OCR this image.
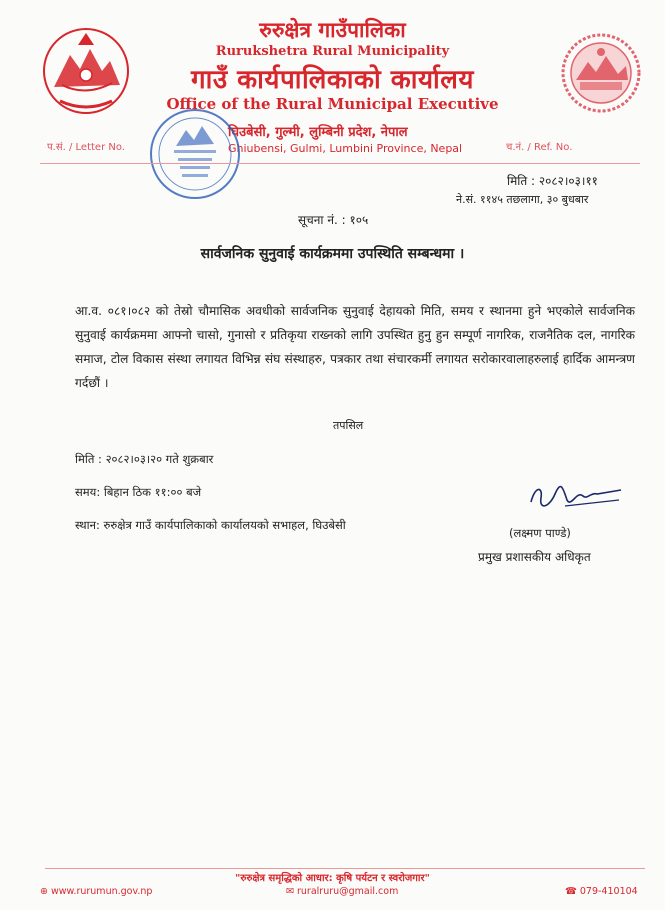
रुरुक्षेत्र गाउँपालिका
Rurukshetra Rural Municipality
गाउँ कार्यपालिकाको कार्यालय
Office of the Rural Municipal Executive
प.सं. / Letter No.	च.नं. / Ref. No.
घिउबेसी, गुल्मी, लुम्बिनी प्रदेश, नेपाल
Ghiubensi, Gulmi, Lumbini Province, Nepal
मिति : २०८२।०३।११
ने.सं. ११४५ तछलागा, ३० बुधबार
सूचना नं. : १०५
सार्वजनिक सुनुवाई कार्यक्रममा उपस्थिति सम्बन्धमा ।
आ.व. ०८१।०८२ को तेस्रो चौमासिक अवधीको सार्वजनिक सुनुवाई देहायको मिति, समय र स्थानमा हुने भएकोले सार्वजनिक सुनुवाई कार्यक्रममा आफ्नो चासो, गुनासो र प्रतिकृया राख्नको लागि उपस्थित हुनु हुन सम्पूर्ण नागरिक, राजनैतिक दल, नागरिक समाज, टोल विकास संस्था लगायत विभिन्न संघ संस्थाहरु, पत्रकार तथा संचारकर्मी लगायत सरोकारवालाहरुलाई हार्दिक आमन्त्रण गर्दछौं ।
तपसिल
मिति : २०८२।०३।२० गते शुक्रबार
समय: बिहान ठिक ११:०० बजे
स्थान: रुरुक्षेत्र गाउँ कार्यपालिकाको कार्यालयको सभाहल, घिउबेसी
(लक्ष्मण पाण्डे)
प्रमुख प्रशासकीय अधिकृत
"रुरुक्षेत्र समृद्धिको आधार: कृषि पर्यटन र स्वरोजगार"
⊕ www.rurumun.gov.np	✉ ruralruru@gmail.com	☎ 079-410104
